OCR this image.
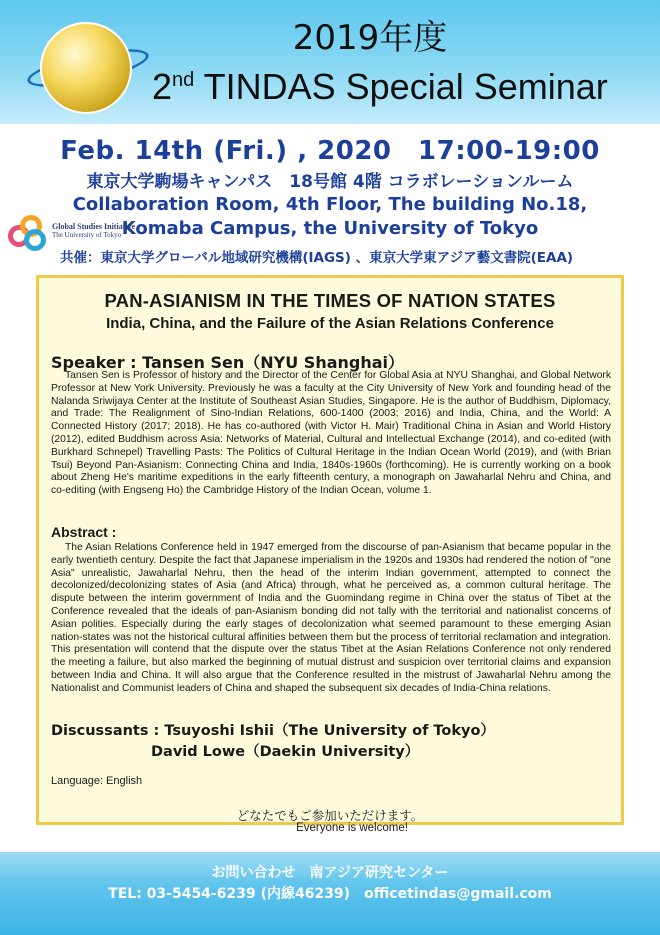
2019年度
2nd TINDAS Special Seminar
Feb. 14th (Fri.) , 2020　17:00-19:00
東京大学駒場キャンパス　18号館 4階 コラボレーションルーム
Collaboration Room, 4th Floor, The building No.18,
Komaba Campus, the University of Tokyo
Global Studies Initiative
The University of Tokyo
共催：東京大学グローバル地域研究機構(IAGS) 、東京大学東アジア藝文書院(EAA)
PAN-ASIANISM IN THE TIMES OF NATION STATES
India, China, and the Failure of the Asian Relations Conference
Speaker : Tansen Sen（NYU Shanghai）

Tansen Sen is Professor of history and the Director of the Center for Global Asia at NYU Shanghai, and Global Network Professor at New York University. Previously he was a faculty at the City University of New York and founding head of the Nalanda Sriwijaya Center at the Institute of Southeast Asian Studies, Singapore. He is the author of Buddhism, Diplomacy, and Trade: The Realignment of Sino-Indian Relations, 600-1400 (2003; 2016) and India, China, and the World: A Connected History (2017; 2018). He has co-authored (with Victor H. Mair) Traditional China in Asian and World History (2012), edited Buddhism across Asia: Networks of Material, Cultural and Intellectual Exchange (2014), and co-edited (with Burkhard Schnepel) Travelling Pasts: The Politics of Cultural Heritage in the Indian Ocean World (2019), and (with Brian Tsui) Beyond Pan-Asianism: Connecting China and India, 1840s-1960s (forthcoming). He is currently working on a book about Zheng He's maritime expeditions in the early fifteenth century, a monograph on Jawaharlal Nehru and China, and co-editing (with Engseng Ho) the Cambridge History of the Indian Ocean, volume 1.

Abstract :

The Asian Relations Conference held in 1947 emerged from the discourse of pan-Asianism that became popular in the early twentieth century. Despite the fact that Japanese imperialism in the 1920s and 1930s had rendered the notion of "one Asia" unrealistic, Jawaharlal Nehru, then the head of the interim Indian government, attempted to connect the decolonized/decolonizing states of Asia (and Africa) through, what he perceived as, a common cultural heritage. The dispute between the interim government of India and the Guomindang regime in China over the status of Tibet at the Conference revealed that the ideals of pan-Asianism bonding did not tally with the territorial and nationalist concerns of Asian polities. Especially during the early stages of decolonization what seemed paramount to these emerging Asian nation-states was not the historical cultural affinities between them but the process of territorial reclamation and integration. This presentation will contend that the dispute over the status Tibet at the Asian Relations Conference not only rendered the meeting a failure, but also marked the beginning of mutual distrust and suspicion over territorial claims and expansion between India and China. It will also argue that the Conference resulted in the mistrust of Jawaharlal Nehru among the Nationalist and Communist leaders of China and shaped the subsequent six decades of India-China relations.

Discussants : Tsuyoshi Ishii（The University of Tokyo）
David Lowe（Daekin University）
Language: English
どなたでもご参加いただけます。
Everyone is welcome!
お問い合わせ　南アジア研究センター
TEL: 03-5454-6239 (内線46239)　officetindas@gmail.com
